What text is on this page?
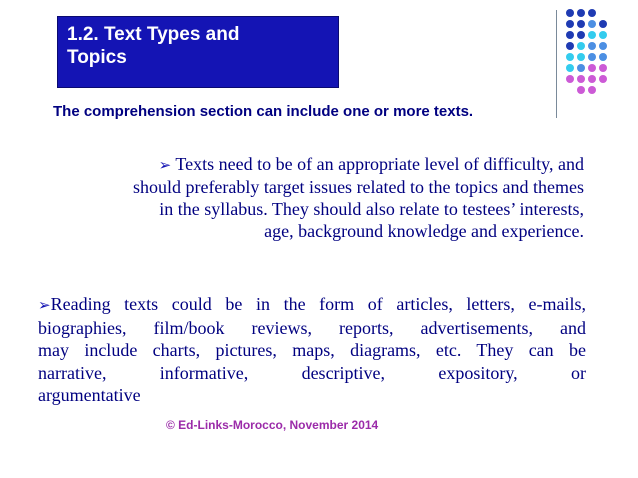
1.2. Text Types and
Topics
The comprehension section can include one or more texts.
➢ Texts need to be of an appropriate level of difficulty, and
should preferably target issues related to the topics and themes
in the syllabus. They should also relate to testees’ interests,
age, background knowledge and experience.
➢Reading texts could be in the form of articles, letters, e-mails,
biographies, film/book reviews, reports, advertisements, and
may include charts, pictures, maps, diagrams, etc. They can be
narrative, informative, descriptive, expository, or
argumentative
© Ed-Links-Morocco, November 2014
